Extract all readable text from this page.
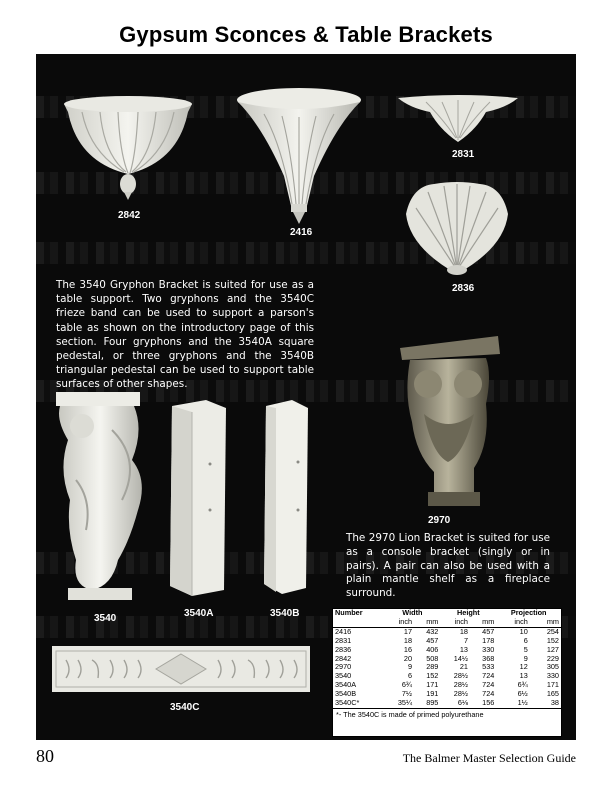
Gypsum Sconces & Table Brackets
2842
2416
2831
2836
The 3540 Gryphon Bracket is suited for use as a table support. Two gryphons and the 3540C frieze band can be used to support a parson's table as shown on the introductory page of this section. Four gryphons and the 3540A square pedestal, or three gryphons and the 3540B triangular pedestal can be used to support table surfaces of other shapes.
2970
The 2970 Lion Bracket is suited for use as a console bracket (singly or in pairs). A pair can also be used with a plain mantle shelf as a fireplace surround.
3540	3540A	3540B
3540C
Number	Width		Height		Projection	
	inch	mm	inch	mm	inch	mm
2416	17	432	18	457	10	254
2831	18	457	7	178	6	152
2836	16	406	13	330	5	127
2842	20	508	14½	368	9	229
2970	9	289	21	533	12	305
3540	6	152	28½	724	13	330
3540A	6¾	171	28½	724	6¾	171
3540B	7½	191	28½	724	6½	165
3540C*	35¼	895	6⅛	156	1½	38
*- The 3540C is made of primed polyurethane
80	The Balmer Master Selection Guide
